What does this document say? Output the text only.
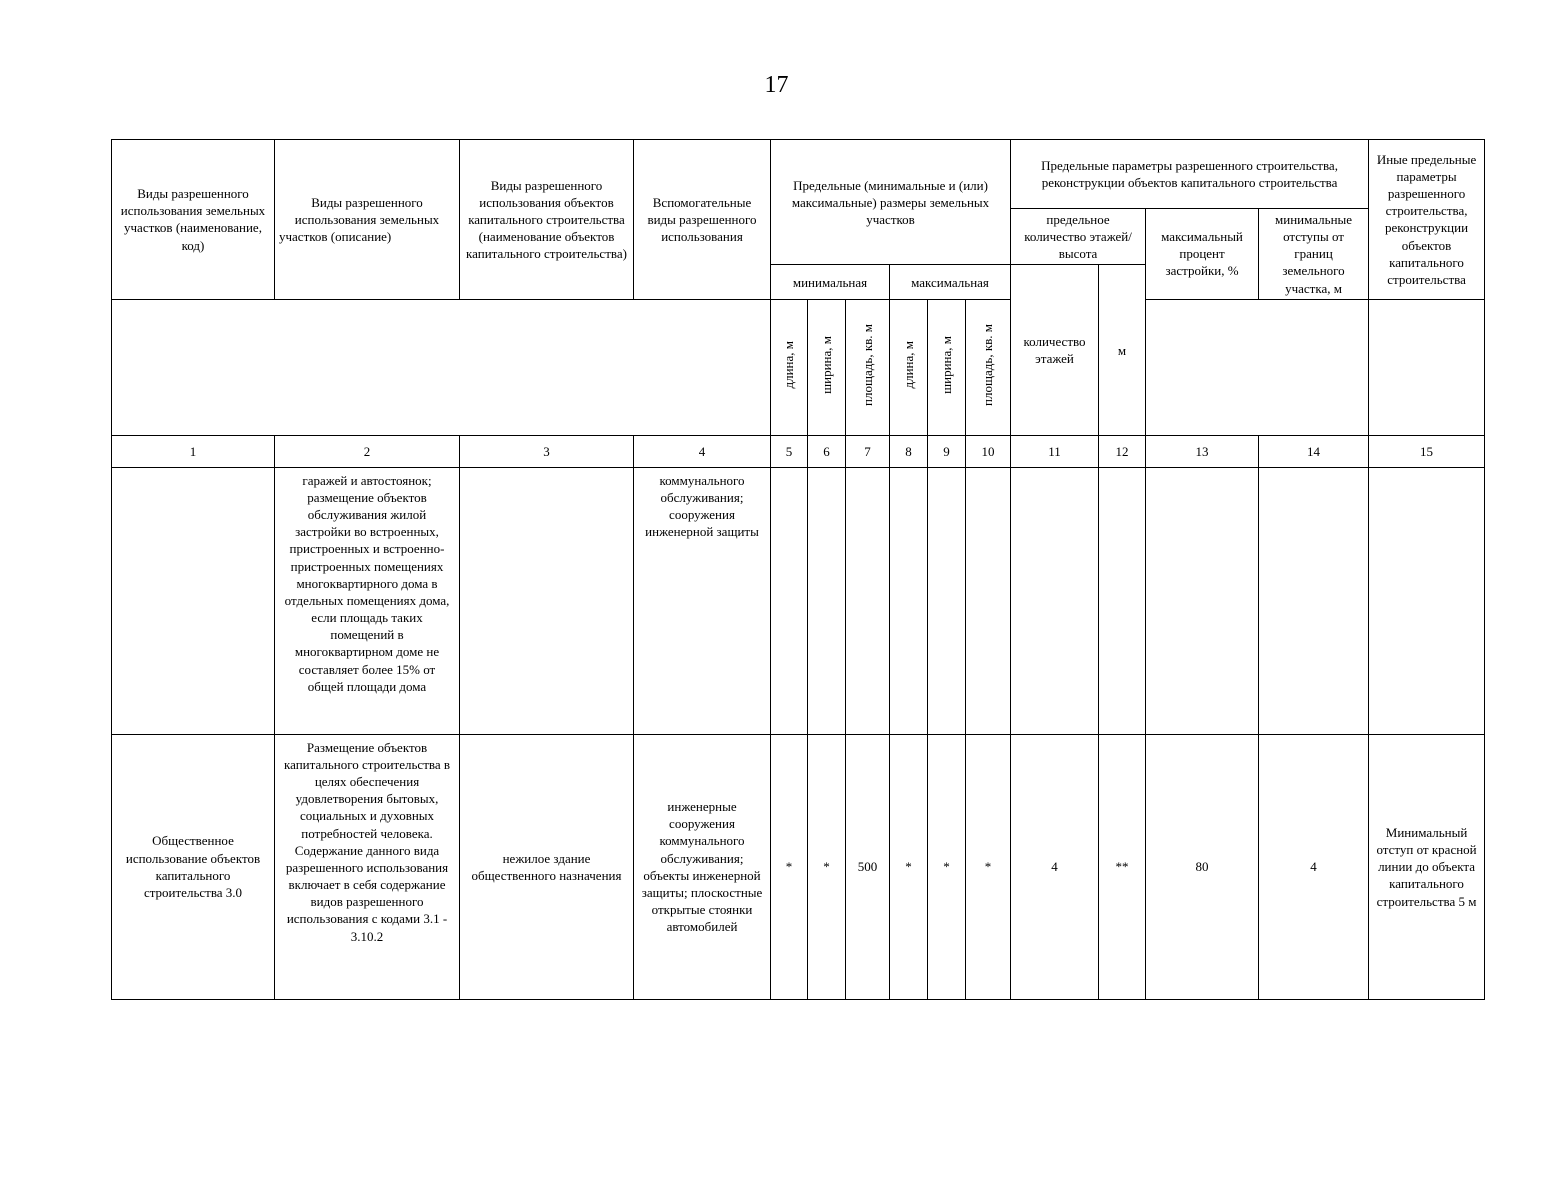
17
Виды разрешенного использования земельных участков (наименование, код)	Виды разрешенного использования земельных участков (описание)	Виды разрешенного использования объектов капитального строительства (наименование объектов капитального строительства)	Вспомогательные виды разрешенного использования	Предельные (минимальные и (или) максимальные) размеры земельных участков						Предельные параметры разрешенного строительства, реконструкции объектов капитального строительства				Иные предельные параметры разрешенного строительства, реконструкции объектов капитального строительства
										предельное количество этажей/высота		максимальный процент застройки, %	минимальные отступы от границ земельного участка, м	
				минимальная			максимальная			количество этажей	м			
				длина, м	ширина, м	площадь, кв. м	длина, м	ширина, м	площадь, кв. м					
1	2	3	4	5	6	7	8	9	10	11	12	13	14	15
	гаражей и автостоянок; размещение объектов обслуживания жилой застройки во встроенных, пристроенных и встроенно-пристроенных помещениях многоквартирного дома в отдельных помещениях дома, если площадь таких помещений в многоквартирном доме не составляет более 15% от общей площади дома		коммунального обслуживания; сооружения инженерной защиты											
Общественное использование объектов капитального строительства 3.0	Размещение объектов капитального строительства в целях обеспечения удовлетворения бытовых, социальных и духовных потребностей человека. Содержание данного вида разрешенного использования включает в себя содержание видов разрешенного использования с кодами 3.1 - 3.10.2	нежилое здание общественного назначения	инженерные сооружения коммунального обслуживания; объекты инженерной защиты; плоскостные открытые стоянки автомобилей	*	*	500	*	*	*	4	**	80	4	Минимальный отступ от красной линии до объекта капитального строительства 5 м
